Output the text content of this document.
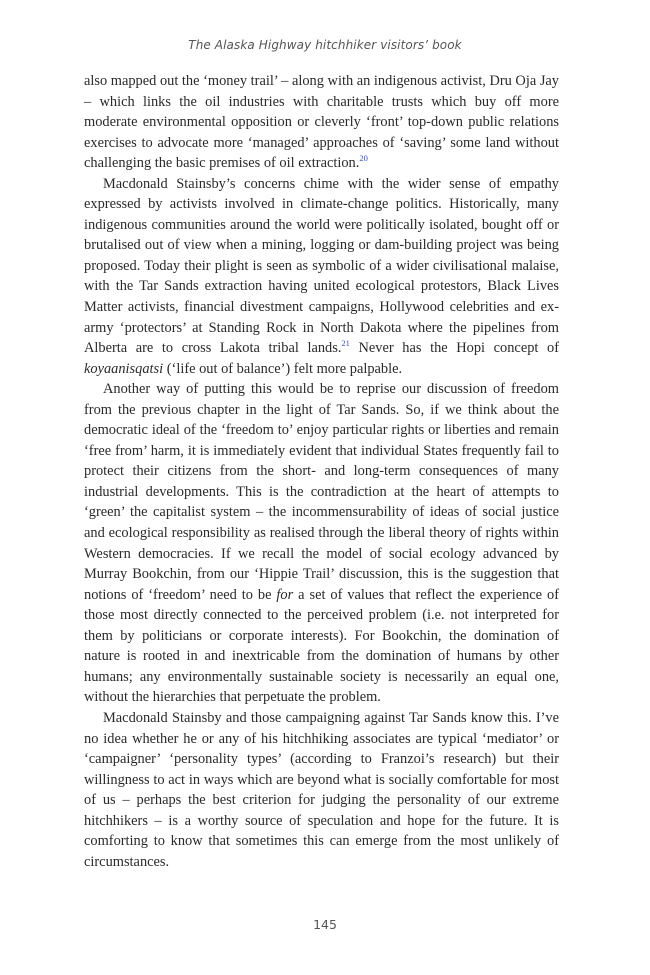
The Alaska Highway hitchhiker visitors’ book

also mapped out the ‘money trail’ – along with an indigenous activist, Dru Oja Jay – which links the oil industries with charitable trusts which buy off more moderate environmental opposition or cleverly ‘front’ top-down public relations exercises to advocate more ‘managed’ approaches of ‘saving’ some land without challenging the basic premises of oil extraction.$^{20}$

Macdonald Stainsby’s concerns chime with the wider sense of empathy expressed by activists involved in climate-change politics. Historically, many indigenous communities around the world were politically isolated, bought off or brutalised out of view when a mining, logging or dam-building project was being proposed. Today their plight is seen as symbolic of a wider civilisational malaise, with the Tar Sands extraction having united ecological protestors, Black Lives Matter activists, financial divestment campaigns, Hollywood celebrities and ex-army ‘protectors’ at Standing Rock in North Dakota where the pipelines from Alberta are to cross Lakota tribal lands.$^{21}$ Never has the Hopi concept of koyaanisqatsi (‘life out of balance’) felt more palpable.

Another way of putting this would be to reprise our discussion of freedom from the previous chapter in the light of Tar Sands. So, if we think about the democratic ideal of the ‘freedom to’ enjoy particular rights or liberties and remain ‘free from’ harm, it is immediately evident that individual States frequently fail to protect their citizens from the short- and long-term consequences of many industrial developments. This is the contradiction at the heart of attempts to ‘green’ the capitalist system – the incommensurability of ideas of social justice and ecological responsibility as realised through the liberal theory of rights within Western democracies. If we recall the model of social ecology advanced by Murray Bookchin, from our ‘Hippie Trail’ discussion, this is the suggestion that notions of ‘freedom’ need to be for a set of values that reflect the experience of those most directly connected to the perceived problem (i.e. not interpreted for them by politicians or corporate interests). For Bookchin, the domination of nature is rooted in and inextricable from the domination of humans by other humans; any environmentally sustainable society is necessarily an equal one, without the hierarchies that perpetuate the problem.

Macdonald Stainsby and those campaigning against Tar Sands know this. I’ve no idea whether he or any of his hitchhiking associates are typical ‘mediator’ or ‘campaigner’ ‘personality types’ (according to Franzoi’s research) but their willingness to act in ways which are beyond what is socially comfortable for most of us – perhaps the best criterion for judging the personality of our extreme hitchhikers – is a worthy source of speculation and hope for the future. It is comforting to know that sometimes this can emerge from the most unlikely of circumstances.

145
